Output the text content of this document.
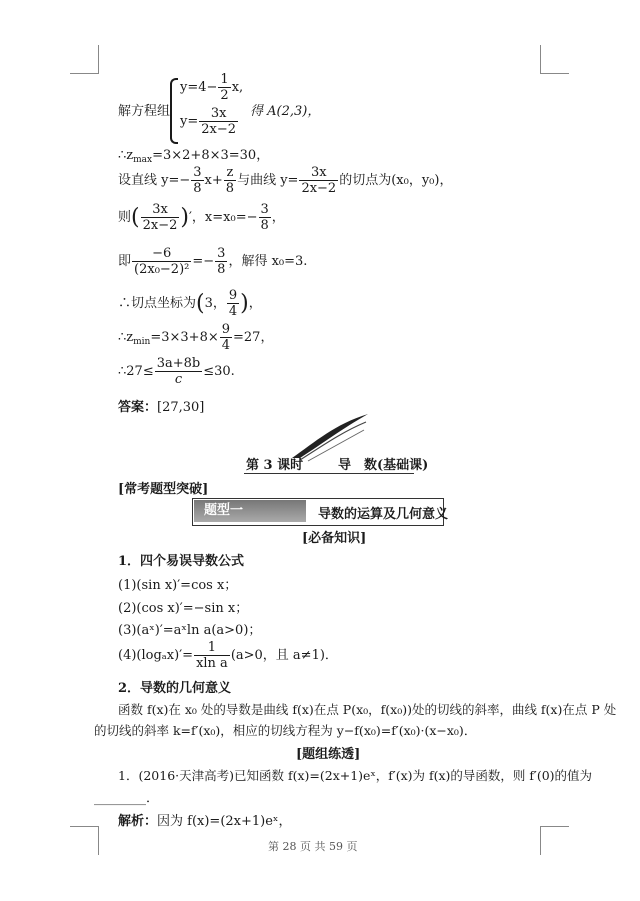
解方程组
$y=4- \frac{1}{2} x$,
$y= \frac{3x}{2x-2}$ 得 A(2,3)，
$\therefore z_{max}=3\times 2+8\times 3=30$，
设直线 $y=- \frac{3}{8} x+ \frac{z}{8}$ 与曲线 $y= \frac{3x}{2x-2}$ 的切点为(x₀，y₀)，
则( $\frac{3x}{2x-2}$ )′，$x=x_0=- \frac{3}{8}$ ，
即 $\frac{-6}{\text{(2x₀−2)²}} =- \frac{3}{8}$ ，解得 x₀=3.
∴切点坐标为(3， $\frac{9}{4}$ )，
$\therefore z_{min}=3\times 3+8\times \frac{9}{4} =27$，
∴27≤ $\frac{3a+8b}{c} \le 30$.
答案：[27,30]
第 3 课时	导　数(基础课)
[常考题型突破]
题型一	导数的运算及几何意义
[必备知识]
1．四个易误导数公式
(1)(sin x)′=cos x；
(2)(cos x)′=−sin x；
(3)(aˣ)′=aˣln a(a>0)；
$(4)(\log_ax)'= \frac{1}{\text{xln a}} (a>0$，且 a≠1)．
2．导数的几何意义
函数 f(x)在 x₀ 处的导数是曲线 f(x)在点 P(x₀，f(x₀))处的切线的斜率，曲线 f(x)在点 P 处
的切线的斜率 k=f′(x₀)，相应的切线方程为 y−f(x₀)=f′(x₀)·(x−x₀)．
[题组练透]
1．(2016·天津高考)已知函数 f(x)=(2x+1)eˣ，f′(x)为 f(x)的导函数，则 f′(0)的值为
________．
解析：因为 f(x)=(2x+1)eˣ，
第 28 页 共 59 页
